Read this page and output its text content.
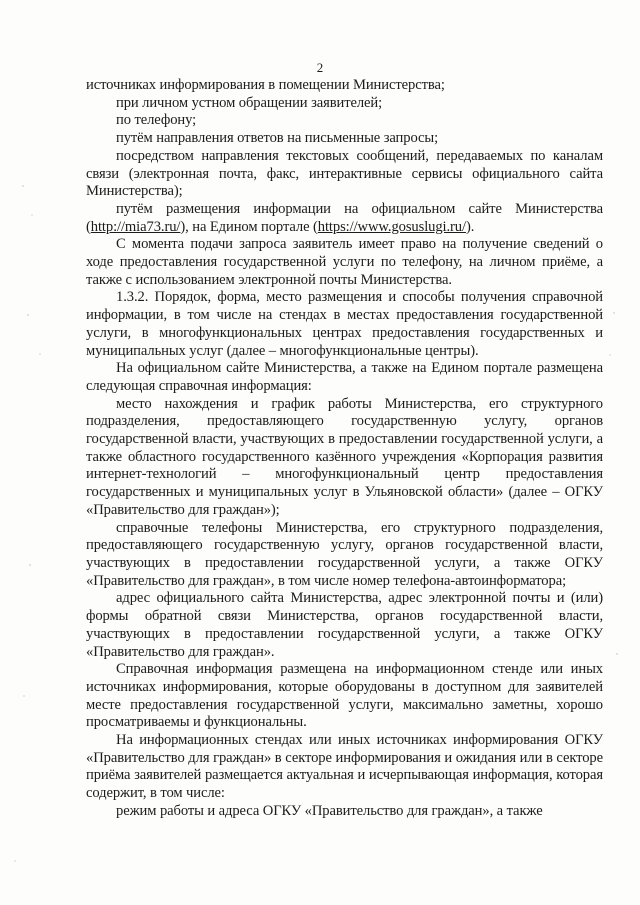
2

источниках информирования в помещении Министерства;

при личном устном обращении заявителей;

по телефону;

путём направления ответов на письменные запросы;

посредством направления текстовых сообщений, передаваемых по каналам связи (электронная почта, факс, интерактивные сервисы официального сайта Министерства);

путём размещения информации на официальном сайте Министерства (http://mia73.ru/), на Едином портале (https://www.gosuslugi.ru/).

С момента подачи запроса заявитель имеет право на получение сведений о ходе предоставления государственной услуги по телефону, на личном приёме, а также с использованием электронной почты Министерства.

1.3.2. Порядок, форма, место размещения и способы получения справочной информации, в том числе на стендах в местах предоставления государственной услуги, в многофункциональных центрах предоставления государственных и муниципальных услуг (далее – многофункциональные центры).

На официальном сайте Министерства, а также на Едином портале размещена следующая справочная информация:

место нахождения и график работы Министерства, его структурного подразделения, предоставляющего государственную услугу, органов государственной власти, участвующих в предоставлении государственной услуги, а также областного государственного казённого учреждения «Корпорация развития интернет-технологий – многофункциональный центр предоставления государственных и муниципальных услуг в Ульяновской области» (далее – ОГКУ «Правительство для граждан»);

справочные телефоны Министерства, его структурного подразделения, предоставляющего государственную услугу, органов государственной власти, участвующих в предоставлении государственной услуги, а также ОГКУ «Правительство для граждан», в том числе номер телефона-автоинформатора;

адрес официального сайта Министерства, адрес электронной почты и (или) формы обратной связи Министерства, органов государственной власти, участвующих в предоставлении государственной услуги, а также ОГКУ «Правительство для граждан».

Справочная информация размещена на информационном стенде или иных источниках информирования, которые оборудованы в доступном для заявителей месте предоставления государственной услуги, максимально заметны, хорошо просматриваемы и функциональны.

На информационных стендах или иных источниках информирования ОГКУ «Правительство для граждан» в секторе информирования и ожидания или в секторе приёма заявителей размещается актуальная и исчерпывающая информация, которая содержит, в том числе:

режим работы и адреса ОГКУ «Правительство для граждан», а также
